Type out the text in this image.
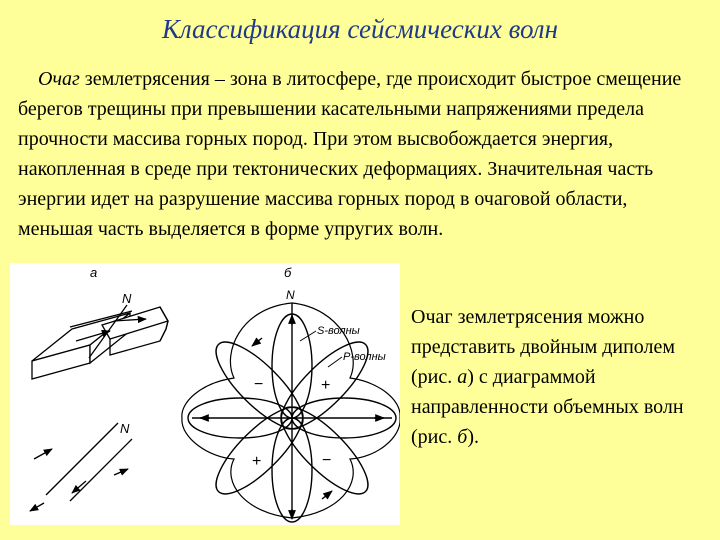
Классификация сейсмических волн
Очаг землетрясения – зона в литосфере, где происходит быстрое смещение берегов трещины при превышении касательными напряжениями предела прочности массива горных пород. При этом высвобождается энергия, накопленная в среде при тектонических деформациях. Значительная часть энергии идет на разрушение массива горных пород в очаговой области, меньшая часть выделяется в форме упругих волн.
а
N
N
б
N
S-волны
P-волны
+
+
−
−
Очаг землетрясения можно представить двойным диполем (рис. а) с диаграммой направленности объемных волн (рис. б).
